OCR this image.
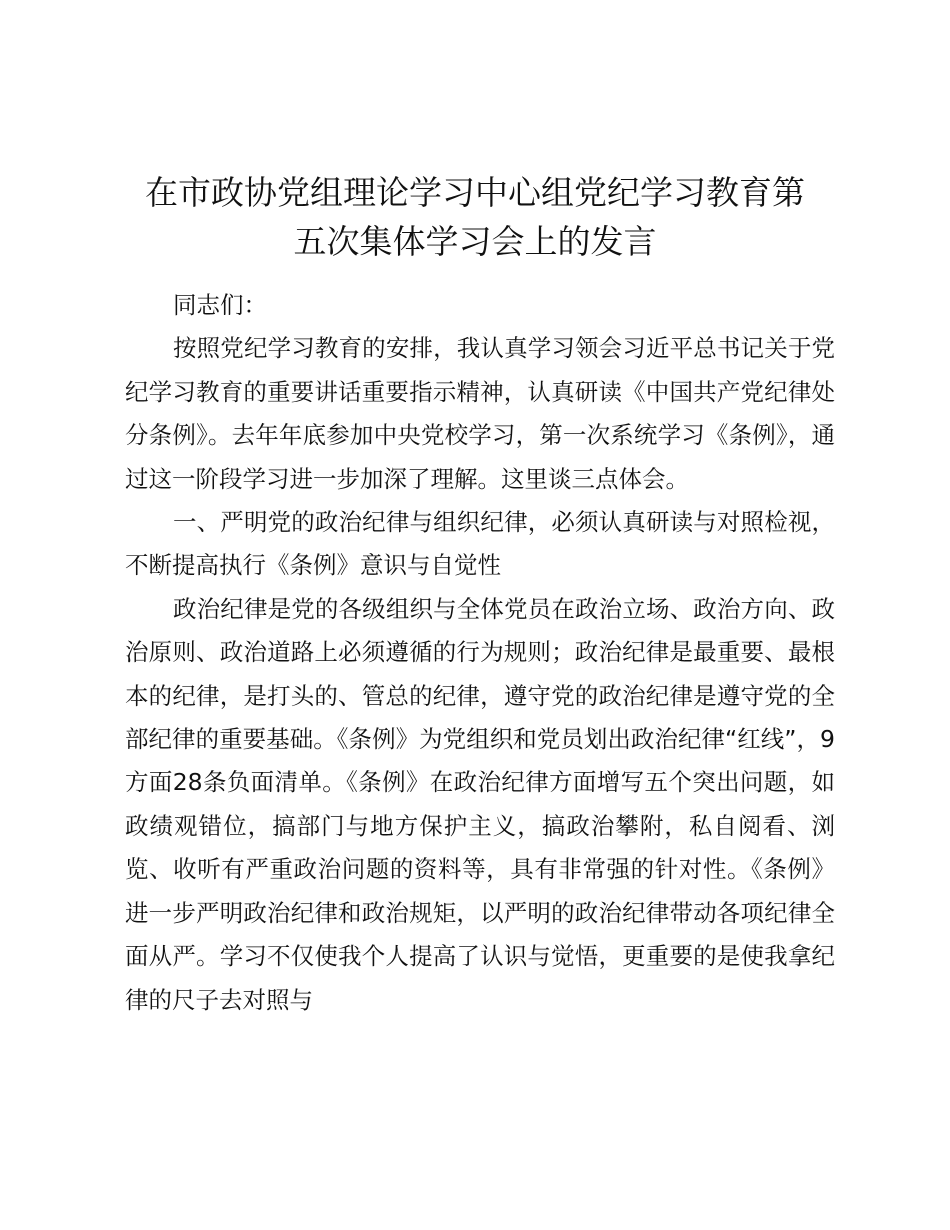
在市政协党组理论学习中心组党纪学习教育第
五次集体学习会上的发言

同志们：

按照党纪学习教育的安排，我认真学习领会习近平总书记关于党纪学习教育的重要讲话重要指示精神，认真研读《中国共产党纪律处分条例》。去年年底参加中央党校学习，第一次系统学习《条例》，通过这一阶段学习进一步加深了理解。这里谈三点体会。

一、严明党的政治纪律与组织纪律，必须认真研读与对照检视，不断提高执行《条例》意识与自觉性

政治纪律是党的各级组织与全体党员在政治立场、政治方向、政治原则、政治道路上必须遵循的行为规则；政治纪律是最重要、最根本的纪律，是打头的、管总的纪律，遵守党的政治纪律是遵守党的全部纪律的重要基础。《条例》为党组织和党员划出政治纪律“红线”，9方面28条负面清单。《条例》在政治纪律方面增写五个突出问题，如政绩观错位，搞部门与地方保护主义，搞政治攀附，私自阅看、浏览、收听有严重政治问题的资料等，具有非常强的针对性。《条例》进一步严明政治纪律和政治规矩，以严明的政治纪律带动各项纪律全面从严。学习不仅使我个人提高了认识与觉悟，更重要的是使我拿纪律的尺子去对照与
